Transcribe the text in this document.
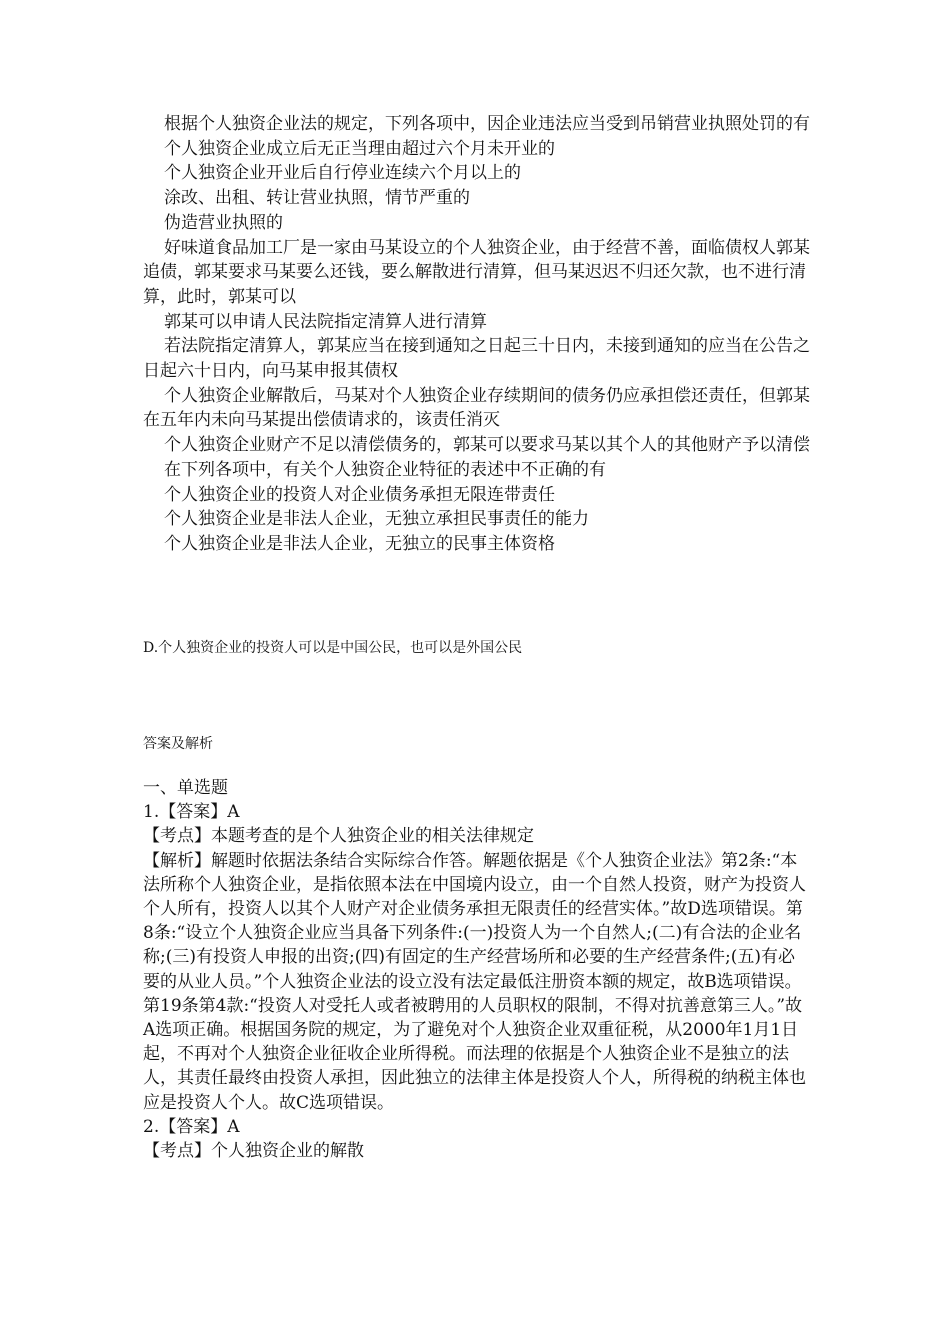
根据个人独资企业法的规定，下列各项中，因企业违法应当受到吊销营业执照处罚的有

个人独资企业成立后无正当理由超过六个月未开业的

个人独资企业开业后自行停业连续六个月以上的

涂改、出租、转让营业执照，情节严重的

伪造营业执照的

好味道食品加工厂是一家由马某设立的个人独资企业，由于经营不善，面临债权人郭某追债，郭某要求马某要么还钱，要么解散进行清算，但马某迟迟不归还欠款，也不进行清算，此时，郭某可以

郭某可以申请人民法院指定清算人进行清算

若法院指定清算人，郭某应当在接到通知之日起三十日内，未接到通知的应当在公告之日起六十日内，向马某申报其债权

个人独资企业解散后，马某对个人独资企业存续期间的债务仍应承担偿还责任，但郭某在五年内未向马某提出偿债请求的，该责任消灭

个人独资企业财产不足以清偿债务的，郭某可以要求马某以其个人的其他财产予以清偿

在下列各项中，有关个人独资企业特征的表述中不正确的有

个人独资企业的投资人对企业债务承担无限连带责任

个人独资企业是非法人企业，无独立承担民事责任的能力

个人独资企业是非法人企业，无独立的民事主体资格

D.个人独资企业的投资人可以是中国公民，也可以是外国公民
答案及解析

一、单选题

1.【答案】A

【考点】本题考查的是个人独资企业的相关法律规定

【解析】解题时依据法条结合实际综合作答。解题依据是《个人独资企业法》第2条:“本法所称个人独资企业，是指依照本法在中国境内设立，由一个自然人投资，财产为投资人个人所有，投资人以其个人财产对企业债务承担无限责任的经营实体。”故D选项错误。第8条:“设立个人独资企业应当具备下列条件:(一)投资人为一个自然人;(二)有合法的企业名称;(三)有投资人申报的出资;(四)有固定的生产经营场所和必要的生产经营条件;(五)有必要的从业人员。”个人独资企业法的设立没有法定最低注册资本额的规定，故B选项错误。第19条第4款:“投资人对受托人或者被聘用的人员职权的限制，不得对抗善意第三人。”故A选项正确。根据国务院的规定，为了避免对个人独资企业双重征税，从2000年1月1日起，不再对个人独资企业征收企业所得税。而法理的依据是个人独资企业不是独立的法人，其责任最终由投资人承担，因此独立的法律主体是投资人个人，所得税的纳税主体也应是投资人个人。故C选项错误。

2.【答案】A

【考点】个人独资企业的解散
